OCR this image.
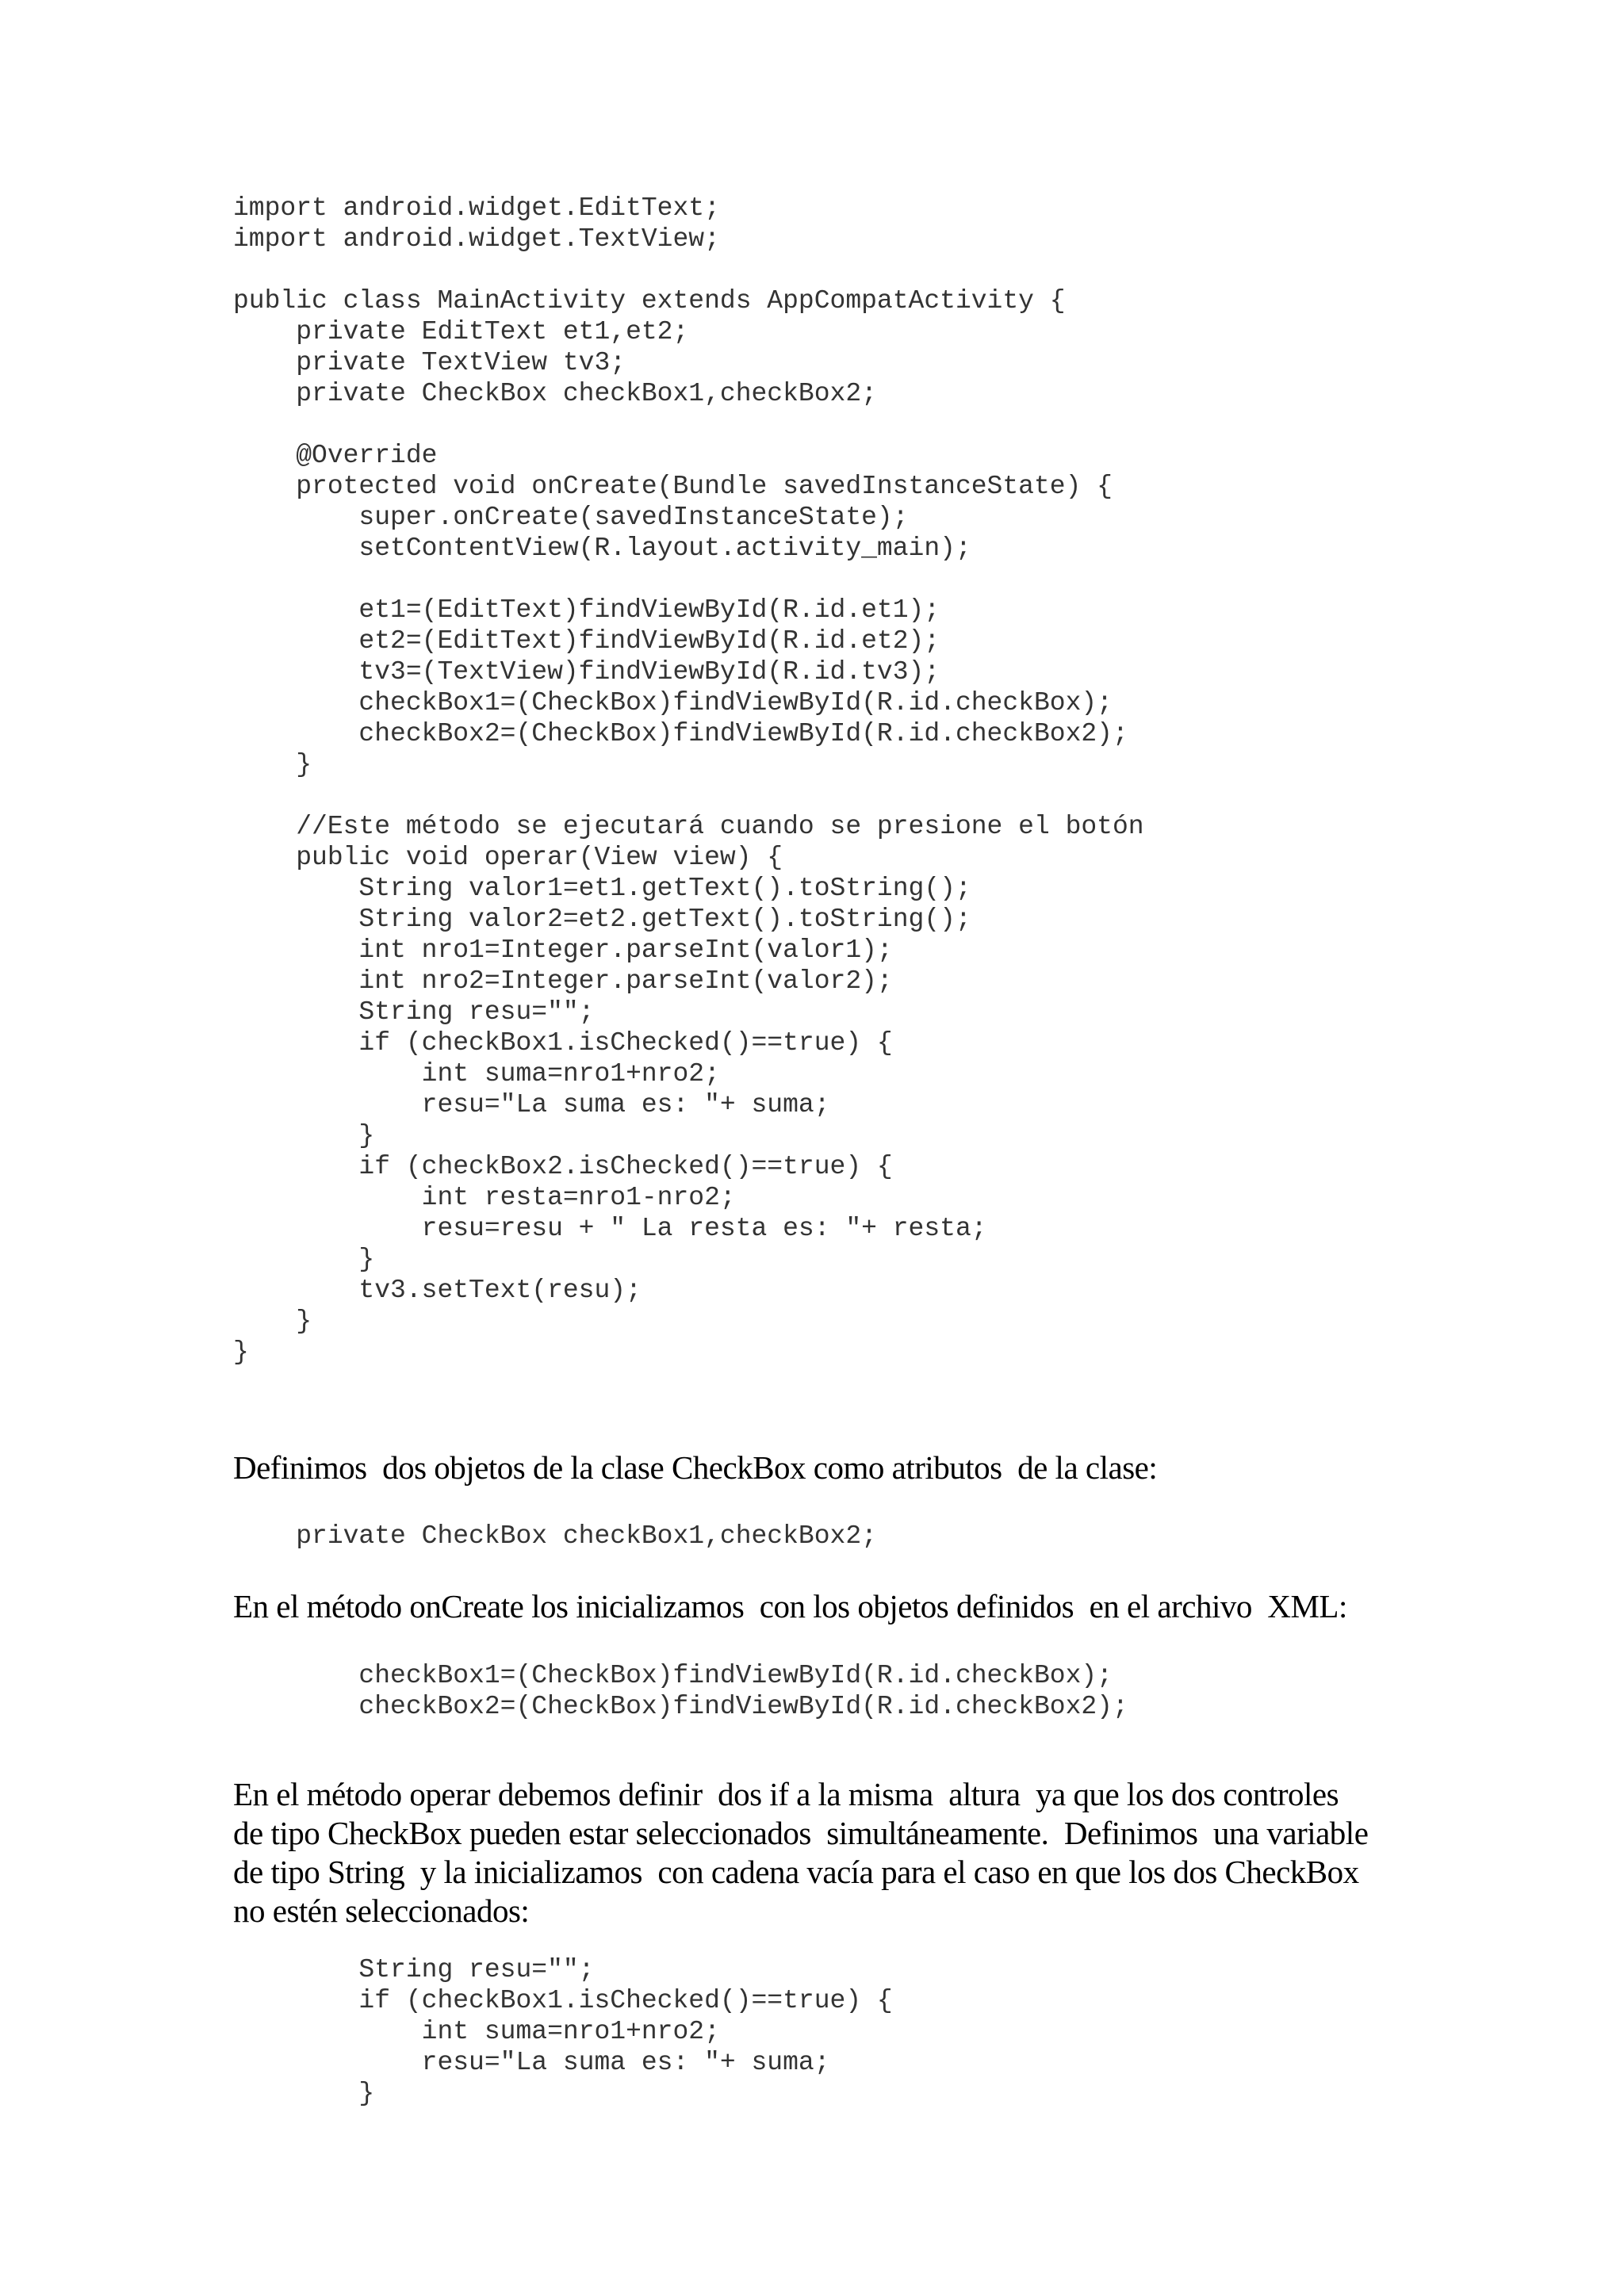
import android.widget.EditText;
import android.widget.TextView;
public class MainActivity extends AppCompatActivity {
private EditText et1,et2;
private TextView tv3;
private CheckBox checkBox1,checkBox2;
@Override
protected void onCreate(Bundle savedInstanceState) {
super.onCreate(savedInstanceState);
setContentView(R.layout.activity_main);
et1=(EditText)findViewById(R.id.et1);
et2=(EditText)findViewById(R.id.et2);
tv3=(TextView)findViewById(R.id.tv3);
checkBox1=(CheckBox)findViewById(R.id.checkBox);
checkBox2=(CheckBox)findViewById(R.id.checkBox2);
}
//Este método se ejecutará cuando se presione el botón
public void operar(View view) {
String valor1=et1.getText().toString();
String valor2=et2.getText().toString();
int nro1=Integer.parseInt(valor1);
int nro2=Integer.parseInt(valor2);
String resu="";
if (checkBox1.isChecked()==true) {
int suma=nro1+nro2;
resu="La suma es: "+ suma;
}
if (checkBox2.isChecked()==true) {
int resta=nro1-nro2;
resu=resu + " La resta es: "+ resta;
}
tv3.setText(resu);
}
}

Definimos  dos objetos de la clase CheckBox como atributos  de la clase:

private CheckBox checkBox1,checkBox2;

En el método onCreate los inicializamos  con los objetos definidos  en el archivo  XML:

checkBox1=(CheckBox)findViewById(R.id.checkBox);
checkBox2=(CheckBox)findViewById(R.id.checkBox2);

En el método operar debemos definir  dos if a la misma  altura  ya que los dos controles
de tipo CheckBox pueden estar seleccionados  simultáneamente.  Definimos  una variable
de tipo String  y la inicializamos  con cadena vacía para el caso en que los dos CheckBox
no estén seleccionados:

String resu="";
if (checkBox1.isChecked()==true) {
int suma=nro1+nro2;
resu="La suma es: "+ suma;
}
